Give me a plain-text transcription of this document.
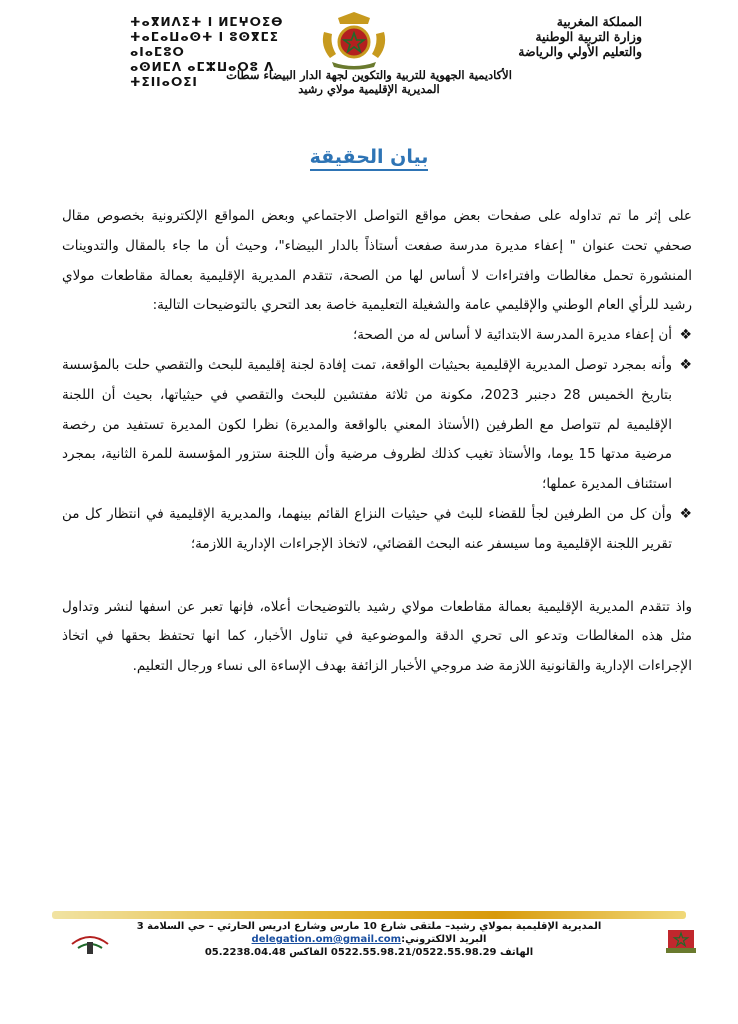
ⵜⴰⴳⵍⴷⵉⵜ ⵏ ⵍⵎⵖⵔⵉⴱ
ⵜⴰⵎⴰⵡⴰⵙⵜ ⵏ ⵓⵙⴳⵎⵉ ⴰⵏⴰⵎⵓⵔ
ⴰⵙⵍⵎⴷ ⴰⵎⵣⵡⴰⵔⵓ ⴷ ⵜⵉⵏⵏⴰⵔⵉⵏ
المملكة المغربية
وزارة التربية الوطنية
والتعليم الأولي والرياضة
الأكاديمية الجهوية للتربية والتكوين لجهة الدار البيضاء سطات
المديرية الإقليمية مولاي رشيد
بيان الحقيقة

على إثر ما تم تداوله على صفحات بعض مواقع التواصل الاجتماعي وبعض المواقع الإلكترونية بخصوص مقال صحفي تحت عنوان " إعفاء مديرة مدرسة صفعت أستاذاً بالدار البيضاء"، وحيث أن ما جاء بالمقال والتدوينات المنشورة تحمل مغالطات وافتراءات لا أساس لها من الصحة، تتقدم المديرية الإقليمية بعمالة مقاطعات مولاي رشيد للرأي العام الوطني والإقليمي عامة والشغيلة التعليمية خاصة بعد التحري بالتوضيحات التالية:

❖
أن إعفاء مديرة المدرسة الابتدائية لا أساس له من الصحة؛
❖
وأنه بمجرد توصل المديرية الإقليمية بحيثيات الواقعة، تمت إفادة لجنة إقليمية للبحث والتقصي حلت بالمؤسسة بتاريخ الخميس 28 دجنبر 2023، مكونة من ثلاثة مفتشين للبحث والتقصي في حيثياتها، بحيث أن اللجنة الإقليمية لم تتواصل مع الطرفين (الأستاذ المعني بالواقعة والمديرة) نظرا لكون المديرة تستفيد من رخصة مرضية مدتها 15 يوما، والأستاذ تغيب كذلك لظروف مرضية وأن اللجنة ستزور المؤسسة للمرة الثانية، بمجرد استئناف المديرة عملها؛
❖
وأن كل من الطرفين لجأ للقضاء للبث في حيثيات النزاع القائم بينهما، والمديرية الإقليمية في انتظار كل من تقرير اللجنة الإقليمية وما سيسفر عنه البحث القضائي، لاتخاذ الإجراءات الإدارية اللازمة؛

واذ تتقدم المديرية الإقليمية بعمالة مقاطعات مولاي رشيد بالتوضيحات أعلاه، فإنها تعبر عن اسفها لنشر وتداول مثل هذه المغالطات وتدعو الى تحري الدقة والموضوعية في تناول الأخبار، كما انها تحتفظ بحقها في اتخاذ الإجراءات الإدارية والقانونية اللازمة ضد مروجي الأخبار الزائفة بهدف الإساءة الى نساء ورجال التعليم.

المديرية الإقليمية بمولاي رشيد– ملتقى شارع 10 مارس وشارع ادريس الحارثي – حي السلامة 3
البريد الالكتروني:delegation.om@gmail.com
الهاتف 0522.55.98.21/0522.55.98.29 الفاكس 05.2238.04.48
